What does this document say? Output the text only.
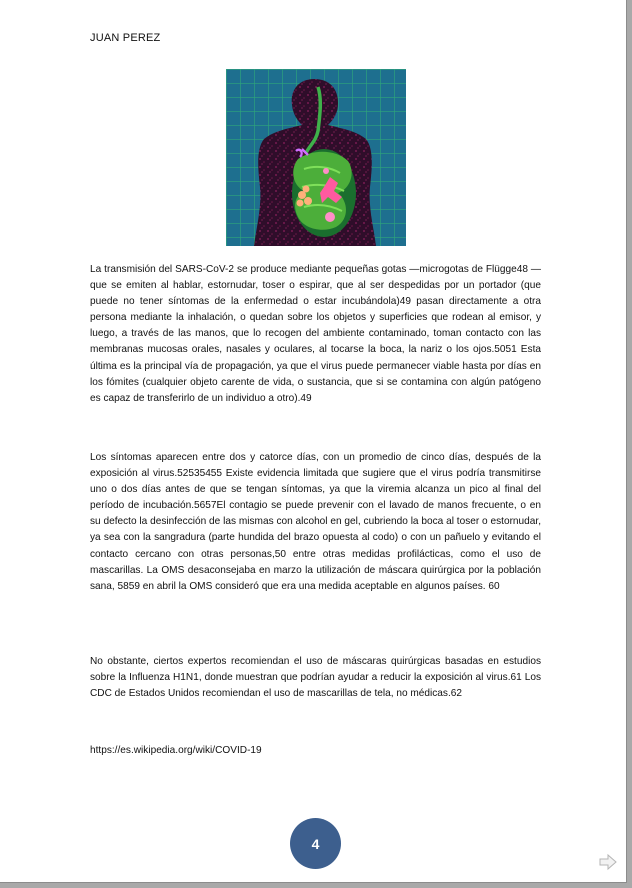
JUAN PEREZ

La transmisión del SARS-CoV-2 se produce mediante pequeñas gotas —microgotas de Flügge48 — que se emiten al hablar, estornudar, toser o espirar, que al ser despedidas por un portador (que puede no tener síntomas de la enfermedad o estar incubándola)49 pasan directamente a otra persona mediante la inhalación, o quedan sobre los objetos y superficies que rodean al emisor, y luego, a través de las manos, que lo recogen del ambiente contaminado, toman contacto con las membranas mucosas orales, nasales y oculares, al tocarse la boca, la nariz o los ojos.5051 Esta última es la principal vía de propagación, ya que el virus puede permanecer viable hasta por días en los fómites (cualquier objeto carente de vida, o sustancia, que si se contamina con algún patógeno es capaz de transferirlo de un individuo a otro).49

Los síntomas aparecen entre dos y catorce días, con un promedio de cinco días, después de la exposición al virus.52535455 Existe evidencia limitada que sugiere que el virus podría transmitirse uno o dos días antes de que se tengan síntomas, ya que la viremia alcanza un pico al final del período de incubación.5657El contagio se puede prevenir con el lavado de manos frecuente, o en su defecto la desinfección de las mismas con alcohol en gel, cubriendo la boca al toser o estornudar, ya sea con la sangradura (parte hundida del brazo opuesta al codo) o con un pañuelo y evitando el contacto cercano con otras personas,50 entre otras medidas profilácticas, como el uso de mascarillas. La OMS desaconsejaba en marzo la utilización de máscara quirúrgica por la población sana, 5859 en abril la OMS consideró que era una medida aceptable en algunos países. 60

No obstante, ciertos expertos recomiendan el uso de máscaras quirúrgicas basadas en estudios sobre la Influenza H1N1, donde muestran que podrían ayudar a reducir la exposición al virus.61 Los CDC de Estados Unidos recomiendan el uso de mascarillas de tela, no médicas.62

https://es.wikipedia.org/wiki/COVID-19
4
